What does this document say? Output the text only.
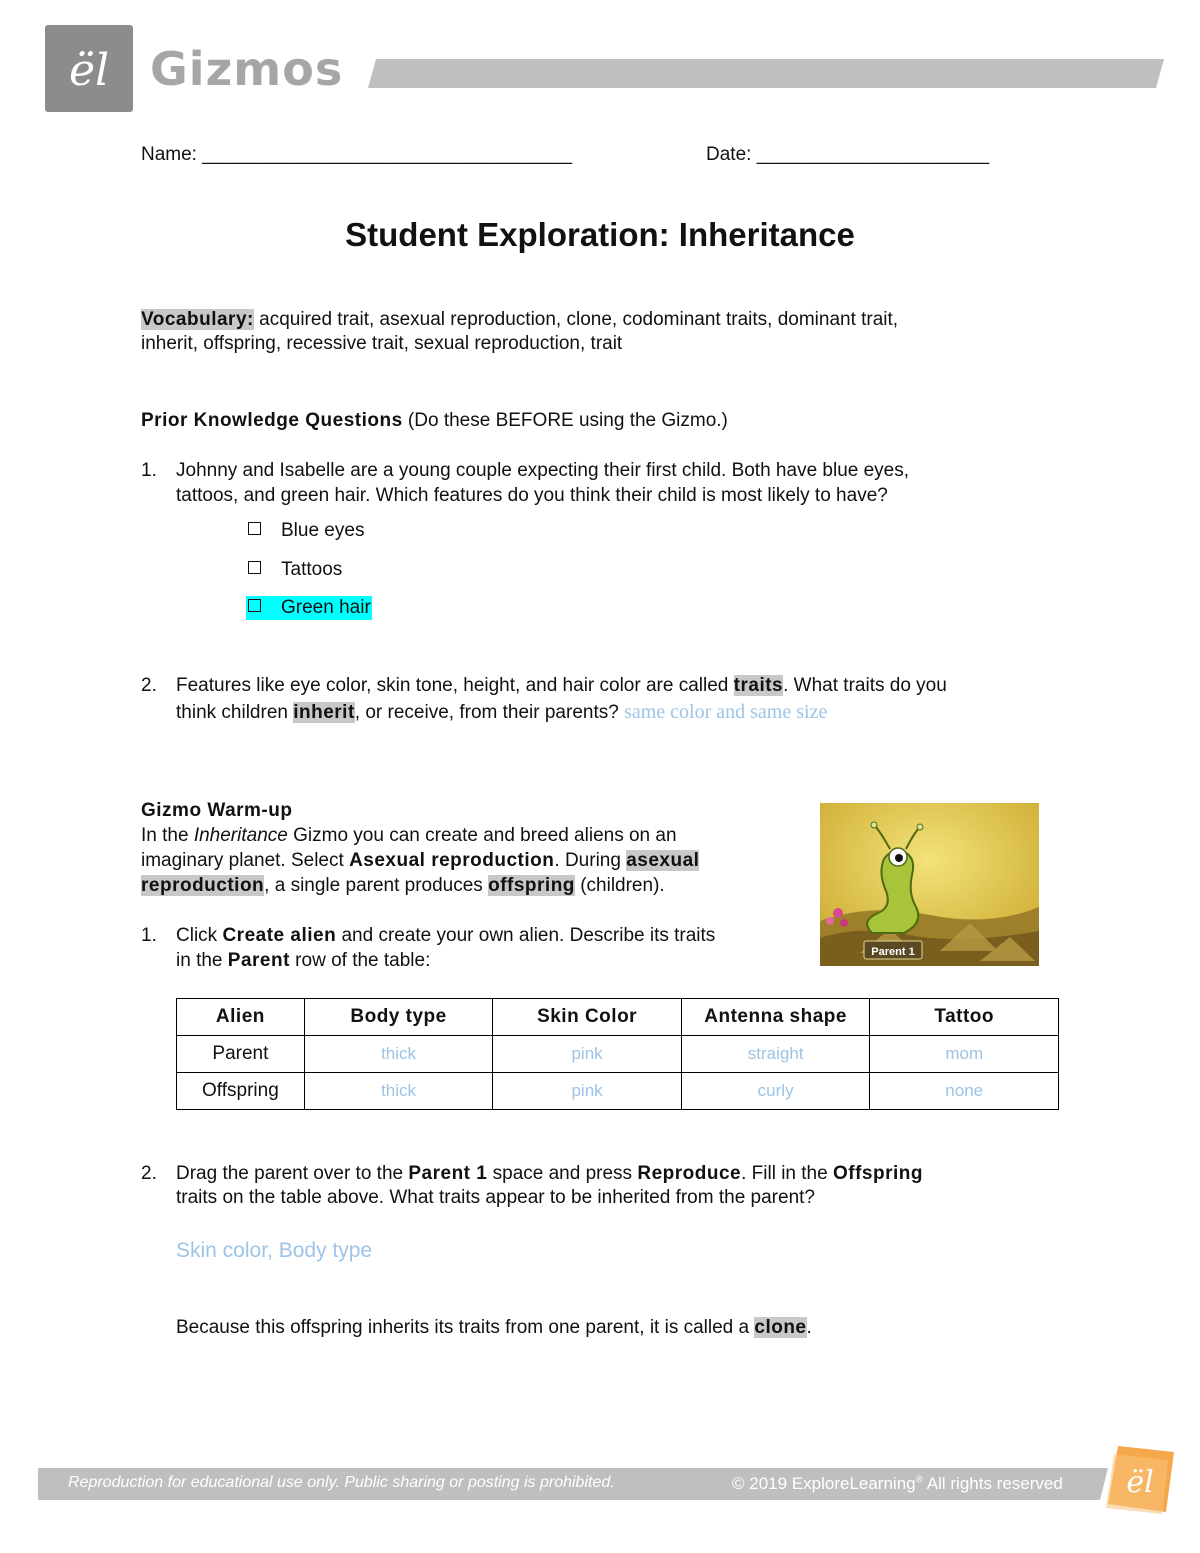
ël Gizmos
Name: ___________________________________	Date: ______________________
Student Exploration: Inheritance
Vocabulary: acquired trait, asexual reproduction, clone, codominant traits, dominant trait,
inherit, offspring, recessive trait, sexual reproduction, trait
Prior Knowledge Questions (Do these BEFORE using the Gizmo.)
1. Johnny and Isabelle are a young couple expecting their first child. Both have blue eyes,
tattoos, and green hair. Which features do you think their child is most likely to have?
Blue eyes
Tattoos
Green hair
2. Features like eye color, skin tone, height, and hair color are called traits. What traits do you
think children inherit, or receive, from their parents? same color and same size
Gizmo Warm-up
In the Inheritance Gizmo you can create and breed aliens on an
imaginary planet. Select Asexual reproduction. During asexual
reproduction, a single parent produces offspring (children).
1. Click Create alien and create your own alien. Describe its traits
in the Parent row of the table:	Parent 1
Alien	Body type	Skin Color	Antenna shape	Tattoo
Parent	thick	pink	straight	mom
Offspring	thick	pink	curly	none
2. Drag the parent over to the Parent 1 space and press Reproduce. Fill in the Offspring
traits on the table above. What traits appear to be inherited from the parent?
Skin color, Body type
Because this offspring inherits its traits from one parent, it is called a clone.
Reproduction for educational use only. Public sharing or posting is prohibited.	© 2019 ExploreLearning® All rights reserved ël
